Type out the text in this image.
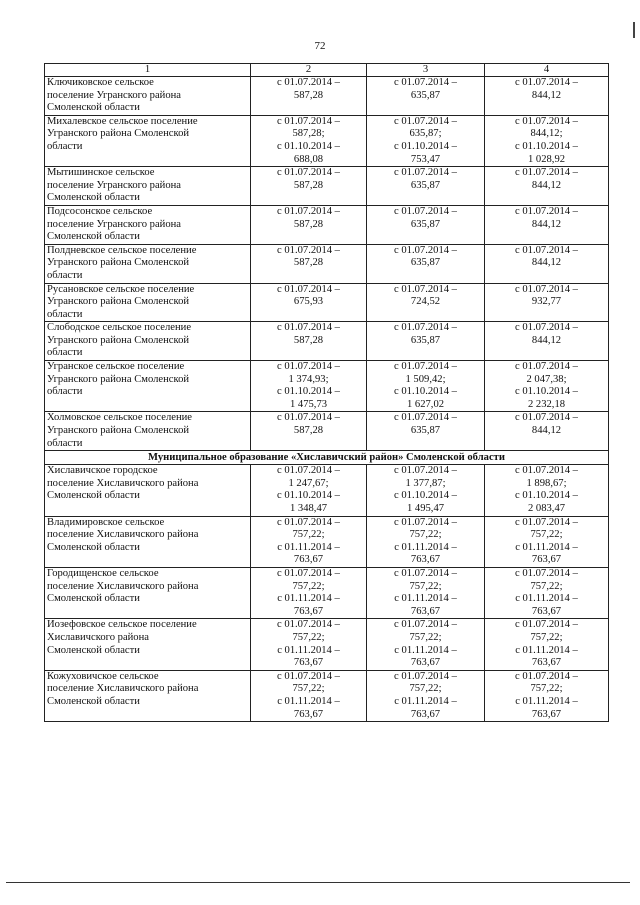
72
1	2	3	4

Ключиковское сельское
поселение Угранского района
Смоленской области	с 01.07.2014 –
587,28	с 01.07.2014 –
635,87	с 01.07.2014 –
844,12

Михалевское сельское поселение
Угранского района Смоленской
области	с 01.07.2014 –
587,28;
с 01.10.2014 –
688,08	с 01.07.2014 –
635,87;
с 01.10.2014 –
753,47	с 01.07.2014 –
844,12;
с 01.10.2014 –
1 028,92

Мытишинское сельское
поселение Угранского района
Смоленской области	с 01.07.2014 –
587,28	с 01.07.2014 –
635,87	с 01.07.2014 –
844,12

Подсосонское сельское
поселение Угранского района
Смоленской области	с 01.07.2014 –
587,28	с 01.07.2014 –
635,87	с 01.07.2014 –
844,12

Полдневское сельское поселение
Угранского района Смоленской
области	с 01.07.2014 –
587,28	с 01.07.2014 –
635,87	с 01.07.2014 –
844,12

Русановское сельское поселение
Угранского района Смоленской
области	с 01.07.2014 –
675,93	с 01.07.2014 –
724,52	с 01.07.2014 –
932,77

Слободское сельское поселение
Угранского района Смоленской
области	с 01.07.2014 –
587,28	с 01.07.2014 –
635,87	с 01.07.2014 –
844,12

Угранское сельское поселение
Угранского района Смоленской
области	с 01.07.2014 –
1 374,93;
с 01.10.2014 –
1 475,73	с 01.07.2014 –
1 509,42;
с 01.10.2014 –
1 627,02	с 01.07.2014 –
2 047,38;
с 01.10.2014 –
2 232,18

Холмовское сельское поселение
Угранского района Смоленской
области	с 01.07.2014 –
587,28	с 01.07.2014 –
635,87	с 01.07.2014 –
844,12

Муниципальное образование «Хиславичский район» Смоленской области			

Хиславичское городское
поселение Хиславичского района
Смоленской области	с 01.07.2014 –
1 247,67;
с 01.10.2014 –
1 348,47	с 01.07.2014 –
1 377,87;
с 01.10.2014 –
1 495,47	с 01.07.2014 –
1 898,67;
с 01.10.2014 –
2 083,47

Владимировское сельское
поселение Хиславичского района
Смоленской области	с 01.07.2014 –
757,22;
с 01.11.2014 –
763,67	с 01.07.2014 –
757,22;
с 01.11.2014 –
763,67	с 01.07.2014 –
757,22;
с 01.11.2014 –
763,67

Городищенское сельское
поселение Хиславичского района
Смоленской области	с 01.07.2014 –
757,22;
с 01.11.2014 –
763,67	с 01.07.2014 –
757,22;
с 01.11.2014 –
763,67	с 01.07.2014 –
757,22;
с 01.11.2014 –
763,67

Иозефовское сельское поселение
Хиславичского района
Смоленской области	с 01.07.2014 –
757,22;
с 01.11.2014 –
763,67	с 01.07.2014 –
757,22;
с 01.11.2014 –
763,67	с 01.07.2014 –
757,22;
с 01.11.2014 –
763,67

Кожуховичское сельское
поселение Хиславичского района
Смоленской области	с 01.07.2014 –
757,22;
с 01.11.2014 –
763,67	с 01.07.2014 –
757,22;
с 01.11.2014 –
763,67	с 01.07.2014 –
757,22;
с 01.11.2014 –
763,67
